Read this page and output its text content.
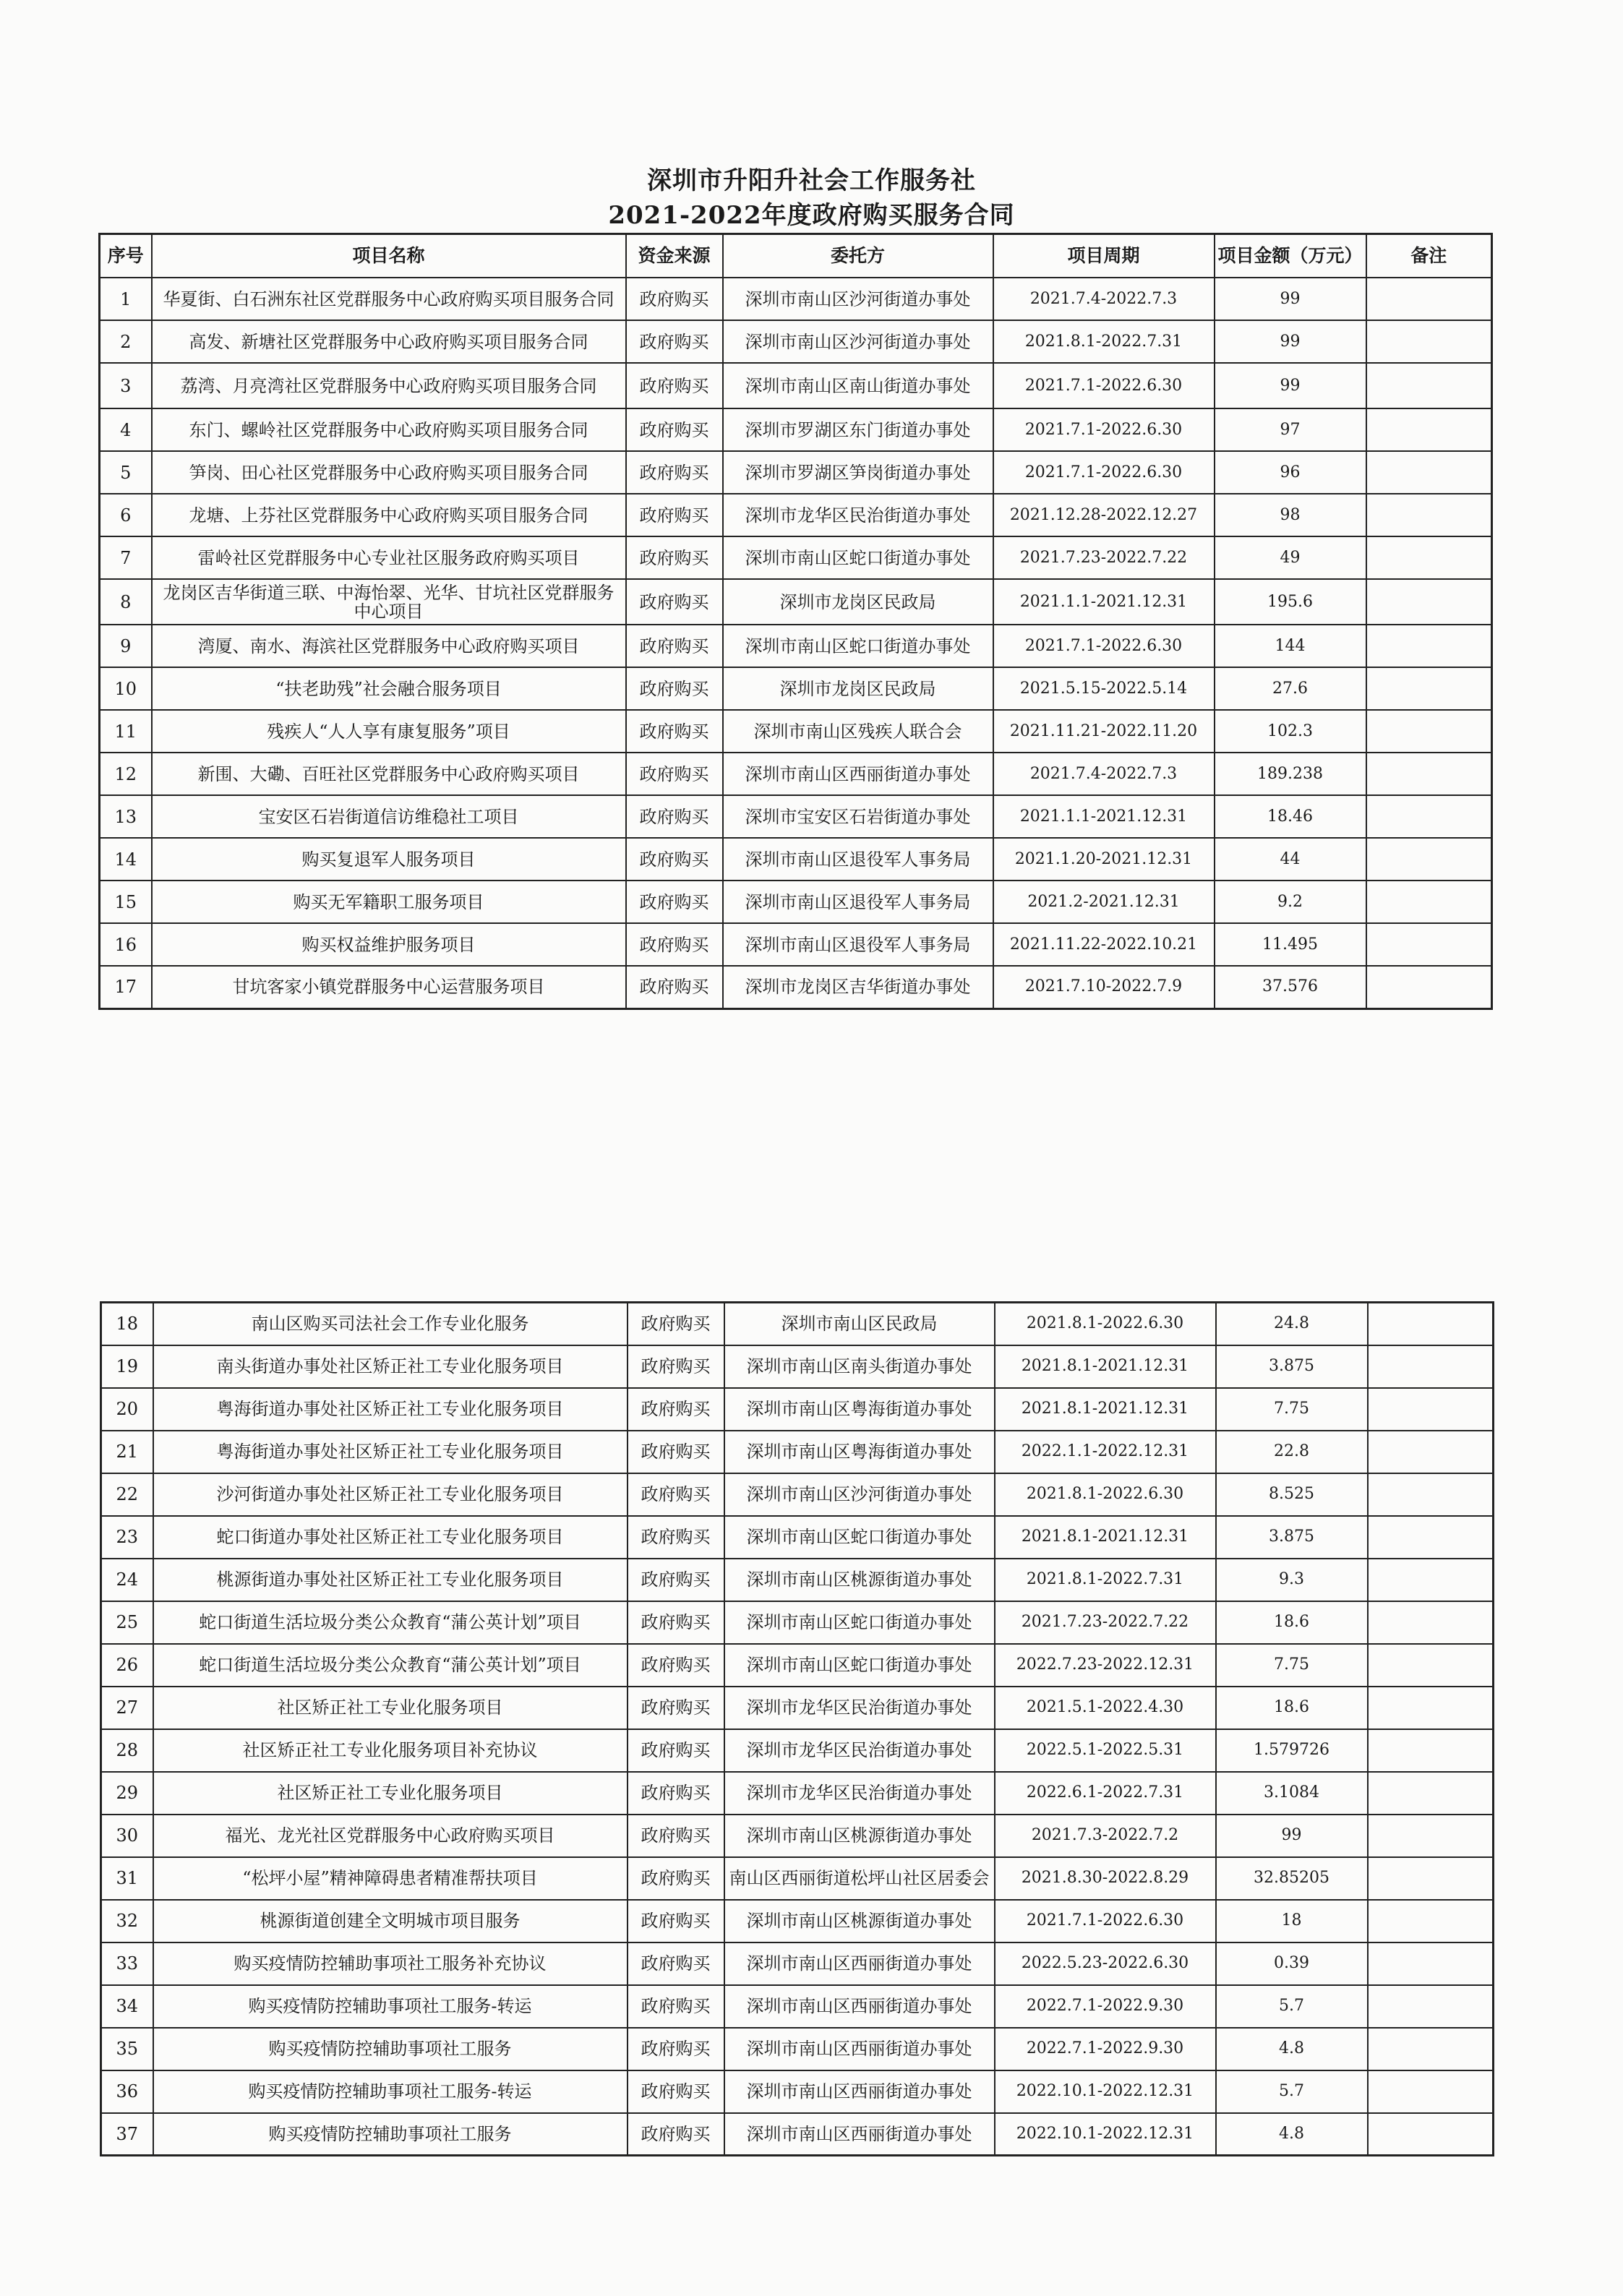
深圳市升阳升社会工作服务社
2021-2022年度政府购买服务合同
序号	项目名称	资金来源	委托方	项目周期	项目金额（万元）	备注
1	华夏街、白石洲东社区党群服务中心政府购买项目服务合同	政府购买	深圳市南山区沙河街道办事处	2021.7.4-2022.7.3	99	
2	高发、新塘社区党群服务中心政府购买项目服务合同	政府购买	深圳市南山区沙河街道办事处	2021.8.1-2022.7.31	99	
3	荔湾、月亮湾社区党群服务中心政府购买项目服务合同	政府购买	深圳市南山区南山街道办事处	2021.7.1-2022.6.30	99	
4	东门、螺岭社区党群服务中心政府购买项目服务合同	政府购买	深圳市罗湖区东门街道办事处	2021.7.1-2022.6.30	97	
5	笋岗、田心社区党群服务中心政府购买项目服务合同	政府购买	深圳市罗湖区笋岗街道办事处	2021.7.1-2022.6.30	96	
6	龙塘、上芬社区党群服务中心政府购买项目服务合同	政府购买	深圳市龙华区民治街道办事处	2021.12.28-2022.12.27	98	
7	雷岭社区党群服务中心专业社区服务政府购买项目	政府购买	深圳市南山区蛇口街道办事处	2021.7.23-2022.7.22	49	
8	龙岗区吉华街道三联、中海怡翠、光华、甘坑社区党群服务中心项目	政府购买	深圳市龙岗区民政局	2021.1.1-2021.12.31	195.6	
9	湾厦、南水、海滨社区党群服务中心政府购买项目	政府购买	深圳市南山区蛇口街道办事处	2021.7.1-2022.6.30	144	
10	“扶老助残”社会融合服务项目	政府购买	深圳市龙岗区民政局	2021.5.15-2022.5.14	27.6	
11	残疾人“人人享有康复服务”项目	政府购买	深圳市南山区残疾人联合会	2021.11.21-2022.11.20	102.3	
12	新围、大磡、百旺社区党群服务中心政府购买项目	政府购买	深圳市南山区西丽街道办事处	2021.7.4-2022.7.3	189.238	
13	宝安区石岩街道信访维稳社工项目	政府购买	深圳市宝安区石岩街道办事处	2021.1.1-2021.12.31	18.46	
14	购买复退军人服务项目	政府购买	深圳市南山区退役军人事务局	2021.1.20-2021.12.31	44	
15	购买无军籍职工服务项目	政府购买	深圳市南山区退役军人事务局	2021.2-2021.12.31	9.2	
16	购买权益维护服务项目	政府购买	深圳市南山区退役军人事务局	2021.11.22-2022.10.21	11.495	
17	甘坑客家小镇党群服务中心运营服务项目	政府购买	深圳市龙岗区吉华街道办事处	2021.7.10-2022.7.9	37.576	
18	南山区购买司法社会工作专业化服务	政府购买	深圳市南山区民政局	2021.8.1-2022.6.30	24.8	
19	南头街道办事处社区矫正社工专业化服务项目	政府购买	深圳市南山区南头街道办事处	2021.8.1-2021.12.31	3.875	
20	粤海街道办事处社区矫正社工专业化服务项目	政府购买	深圳市南山区粤海街道办事处	2021.8.1-2021.12.31	7.75	
21	粤海街道办事处社区矫正社工专业化服务项目	政府购买	深圳市南山区粤海街道办事处	2022.1.1-2022.12.31	22.8	
22	沙河街道办事处社区矫正社工专业化服务项目	政府购买	深圳市南山区沙河街道办事处	2021.8.1-2022.6.30	8.525	
23	蛇口街道办事处社区矫正社工专业化服务项目	政府购买	深圳市南山区蛇口街道办事处	2021.8.1-2021.12.31	3.875	
24	桃源街道办事处社区矫正社工专业化服务项目	政府购买	深圳市南山区桃源街道办事处	2021.8.1-2022.7.31	9.3	
25	蛇口街道生活垃圾分类公众教育“蒲公英计划”项目	政府购买	深圳市南山区蛇口街道办事处	2021.7.23-2022.7.22	18.6	
26	蛇口街道生活垃圾分类公众教育“蒲公英计划”项目	政府购买	深圳市南山区蛇口街道办事处	2022.7.23-2022.12.31	7.75	
27	社区矫正社工专业化服务项目	政府购买	深圳市龙华区民治街道办事处	2021.5.1-2022.4.30	18.6	
28	社区矫正社工专业化服务项目补充协议	政府购买	深圳市龙华区民治街道办事处	2022.5.1-2022.5.31	1.579726	
29	社区矫正社工专业化服务项目	政府购买	深圳市龙华区民治街道办事处	2022.6.1-2022.7.31	3.1084	
30	福光、龙光社区党群服务中心政府购买项目	政府购买	深圳市南山区桃源街道办事处	2021.7.3-2022.7.2	99	
31	“松坪小屋”精神障碍患者精准帮扶项目	政府购买	南山区西丽街道松坪山社区居委会	2021.8.30-2022.8.29	32.85205	
32	桃源街道创建全文明城市项目服务	政府购买	深圳市南山区桃源街道办事处	2021.7.1-2022.6.30	18	
33	购买疫情防控辅助事项社工服务补充协议	政府购买	深圳市南山区西丽街道办事处	2022.5.23-2022.6.30	0.39	
34	购买疫情防控辅助事项社工服务-转运	政府购买	深圳市南山区西丽街道办事处	2022.7.1-2022.9.30	5.7	
35	购买疫情防控辅助事项社工服务	政府购买	深圳市南山区西丽街道办事处	2022.7.1-2022.9.30	4.8	
36	购买疫情防控辅助事项社工服务-转运	政府购买	深圳市南山区西丽街道办事处	2022.10.1-2022.12.31	5.7	
37	购买疫情防控辅助事项社工服务	政府购买	深圳市南山区西丽街道办事处	2022.10.1-2022.12.31	4.8	
